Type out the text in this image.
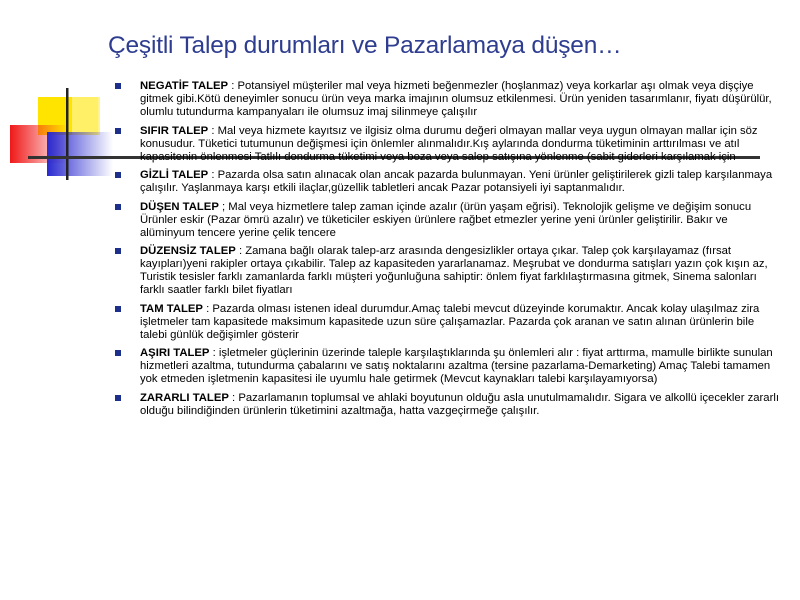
Çeşitli Talep durumları ve Pazarlamaya düşen…
NEGATİF TALEP : Potansiyel müşteriler mal veya hizmeti beğenmezler (hoşlanmaz) veya korkarlar aşı olmak veya dişçiye gitmek gibi.Kötü deneyimler sonucu ürün veya marka imajının olumsuz etkilenmesi. Ürün yeniden tasarımlanır, fiyatı düşürülür, olumlu tutundurma kampanyaları ile olumsuz imaj silinmeye çalışılır
SIFIR TALEP : Mal veya hizmete kayıtsız ve ilgisiz olma durumu değeri olmayan mallar veya uygun olmayan mallar için söz konusudur. Tüketici tutumunun değişmesi için önlemler alınmalıdır.Kış aylarında dondurma tüketiminin arttırılması ve atıl kapasitenin önlenmesi Tatlılı dondurma tüketimi veya boza veya salep satışına yönlenme (sabit giderleri karşılamak için
GİZLİ TALEP : Pazarda olsa satın alınacak olan ancak pazarda bulunmayan. Yeni ürünler geliştirilerek gizli talep karşılanmaya çalışılır. Yaşlanmaya karşı etkili ilaçlar,güzellik tabletleri ancak Pazar potansiyeli iyi saptanmalıdır.
DÜŞEN TALEP ; Mal veya hizmetlere talep zaman içinde azalır (ürün yaşam eğrisi). Teknolojik gelişme ve değişim sonucu Ürünler eskir (Pazar ömrü azalır) ve tüketiciler eskiyen ürünlere rağbet etmezler yerine yeni ürünler geliştirilir. Bakır ve alüminyum tencere yerine çelik tencere
DÜZENSİZ TALEP : Zamana bağlı olarak talep-arz arasında dengesizlikler ortaya çıkar. Talep çok karşılayamaz (fırsat kayıpları)yeni rakipler ortaya çıkabilir. Talep az kapasiteden yararlanamaz. Meşrubat ve dondurma satışları yazın çok kışın az, Turistik tesisler farklı zamanlarda farklı müşteri yoğunluğuna sahiptir: önlem fiyat farklılaştırmasına gitmek, Sinema salonları farklı saatler farklı bilet fiyatları
TAM TALEP : Pazarda olması istenen ideal durumdur.Amaç talebi mevcut düzeyinde korumaktır. Ancak kolay ulaşılmaz zira işletmeler tam kapasitede maksimum kapasitede uzun süre çalışamazlar. Pazarda çok aranan ve satın alınan ürünlerin bile talebi günlük değişimler gösterir
AŞIRI TALEP : işletmeler güçlerinin üzerinde taleple karşılaştıklarında şu önlemleri alır : fiyat arttırma, mamulle birlikte sunulan hizmetleri azaltma, tutundurma çabalarını ve satış noktalarını azaltma (tersine pazarlama-Demarketing) Amaç Talebi tamamen yok etmeden işletmenin kapasitesi ile uyumlu hale getirmek (Mevcut kaynakları talebi karşılayamıyorsa)
ZARARLI TALEP : Pazarlamanın toplumsal ve ahlaki boyutunun olduğu asla unutulmamalıdır. Sigara ve alkollü içecekler zararlı olduğu bilindiğinden ürünlerin tüketimini azaltmağa, hatta vazgeçirmeğe çalışılır.
